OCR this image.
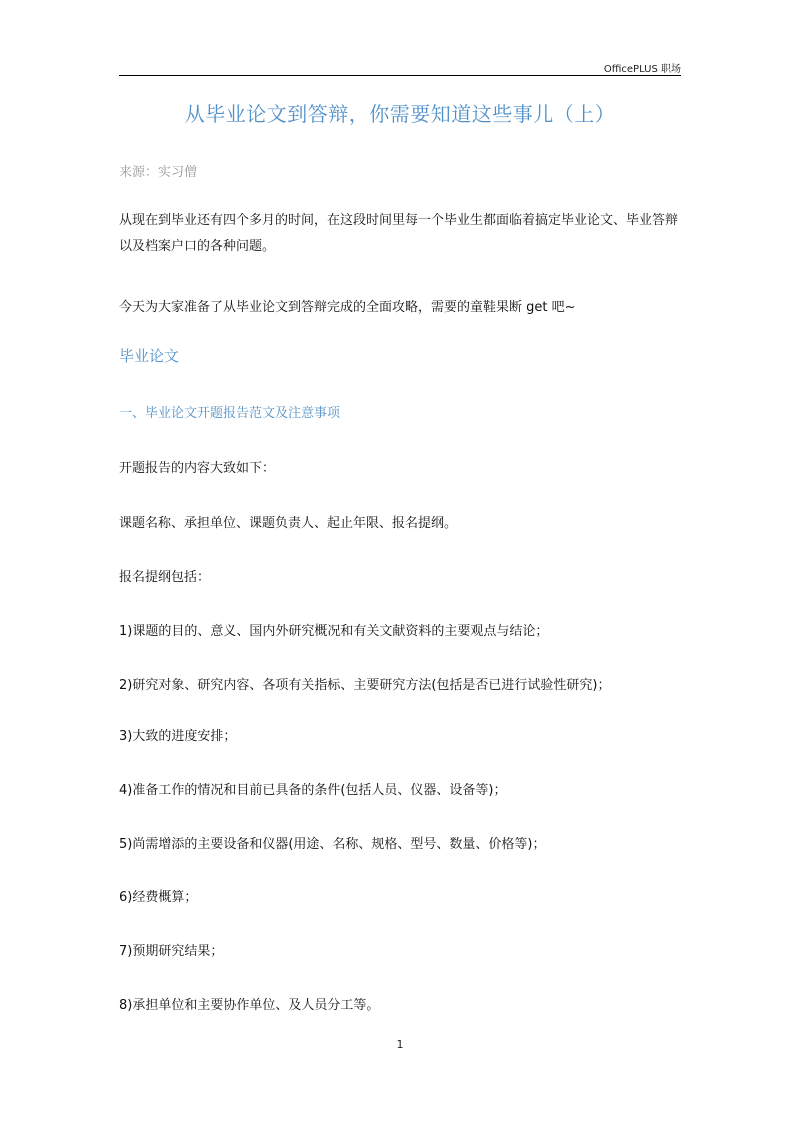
OfficePLUS 职场
从毕业论文到答辩，你需要知道这些事儿（上）
来源：实习僧
从现在到毕业还有四个多月的时间，在这段时间里每一个毕业生都面临着搞定毕业论文、毕业答辩以及档案户口的各种问题。
今天为大家准备了从毕业论文到答辩完成的全面攻略，需要的童鞋果断 get 吧~
毕业论文
一、毕业论文开题报告范文及注意事项
开题报告的内容大致如下：
课题名称、承担单位、课题负责人、起止年限、报名提纲。
报名提纲包括：
1)课题的目的、意义、国内外研究概况和有关文献资料的主要观点与结论；
2)研究对象、研究内容、各项有关指标、主要研究方法(包括是否已进行试验性研究)；
3)大致的进度安排；
4)准备工作的情况和目前已具备的条件(包括人员、仪器、设备等)；
5)尚需增添的主要设备和仪器(用途、名称、规格、型号、数量、价格等)；
6)经费概算；
7)预期研究结果；
8)承担单位和主要协作单位、及人员分工等。
1
